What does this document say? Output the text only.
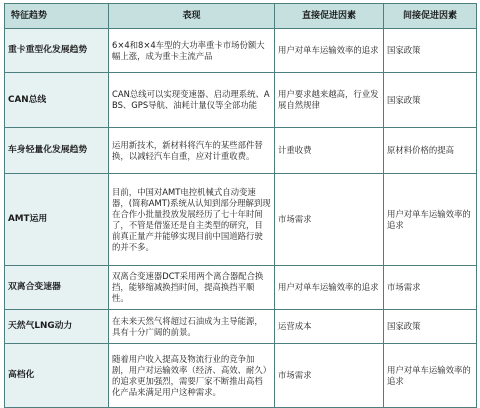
特征趋势	表现	直接促进因素	间接促进因素
重卡重型化发展趋势	6×4和8×4车型的大功率重卡市场份额大幅上涨，成为重卡主流产品	用户对单车运输效率的追求	国家政策
CAN总线	CAN总线可以实现变速器、启动理系统、ABS、GPS导航、油耗计量仪等全部功能	用户要求越来越高，行业发展自然规律	国家政策
车身轻量化发展趋势	运用新技术，新材料将汽车的某些部件替换，以减轻汽车自重，应对计重收费。	计重收费	原材料价格的提高
AMT运用	目前，中国对AMT电控机械式自动变速器，(简称AMT)系统从认知到部分理解到现在合作小批量投放发展经历了七十年时间了，不管是借鉴还是自主类型的研究，目前真正量产并能够实现目前中国道路行驶的并不多。	市场需求	用户对单车运输效率的追求
双离合变速器	双离合变速器DCT采用两个离合器配合换挡，能够缩减换挡时间，提高换挡平顺性。	用户对单车运输效率的追求	市场需求
天然气LNG动力	在未来天然气将超过石油成为主导能源，具有十分广阔的前景。	运营成本	国家政策
高档化	随着用户收入提高及物流行业的竞争加剧，用户对运输效率（经济、高效、耐久）的追求更加强烈，需要厂家不断推出高档化产品来满足用户这种需求。	市场需求	用户对单车运输效率的追求
